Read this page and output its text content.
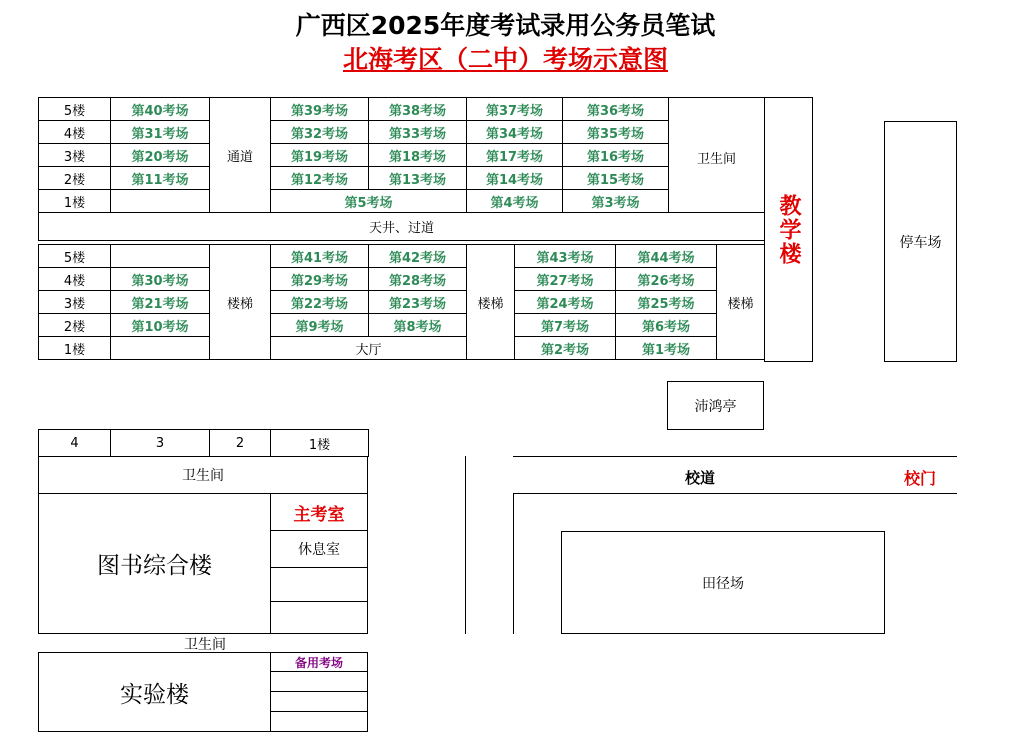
广西区2025年度考试录用公务员笔试
北海考区（二中）考场示意图
5楼	第40考场	通道	第39考场	第38考场	第37考场	第36考场	卫生间
4楼	第31考场		第32考场	第33考场	第34考场	第35考场	
3楼	第20考场		第19考场	第18考场	第17考场	第16考场	
2楼	第11考场		第12考场	第13考场	第14考场	第15考场	
1楼			第5考场		第4考场	第3考场	
天井、过道							
5楼		楼梯	第41考场	第42考场	楼梯	第43考场	第44考场	楼梯
4楼	第30考场		第29考场	第28考场		第27考场	第26考场	
3楼	第21考场		第22考场	第23考场		第24考场	第25考场	
2楼	第10考场		第9考场	第8考场		第7考场	第6考场	
1楼			大厅			第2考场	第1考场	
教学楼	停车场
沛鸿亭
校道	校门
田径场
4	3	2	1楼
卫生间
图书综合楼
主考室
休息室
卫生间
实验楼
备用考场
